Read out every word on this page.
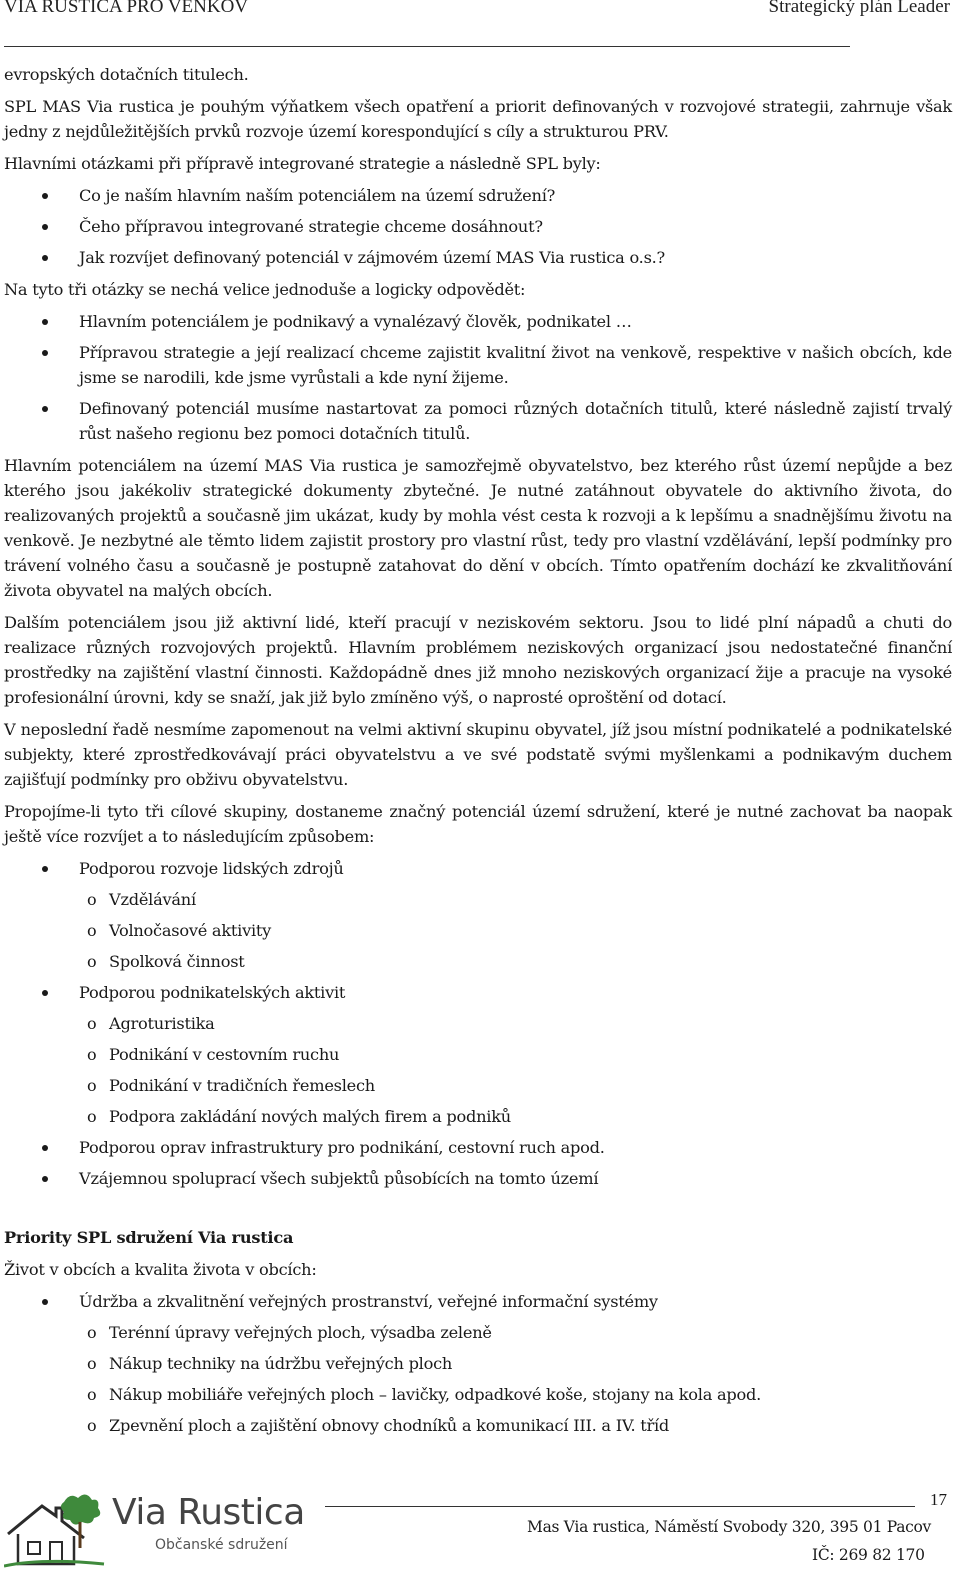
VIA RUSTICA PRO VENKOV	Strategický plán Leader

evropských dotačních titulech.

SPL MAS Via rustica je pouhým výňatkem všech opatření a priorit definovaných v rozvojové strategii, zahrnuje však jedny z nejdůležitějších prvků rozvoje území korespondující s cíly a strukturou PRV.

Hlavními otázkami při přípravě integrované strategie a následně SPL byly:

Co je naším hlavním naším potenciálem na území sdružení?
Čeho přípravou integrované strategie chceme dosáhnout?
Jak rozvíjet definovaný potenciál v zájmovém území MAS Via rustica o.s.?

Na tyto tři otázky se nechá velice jednoduše a logicky odpovědět:

Hlavním potenciálem je podnikavý a vynalézavý člověk, podnikatel …
Přípravou strategie a její realizací chceme zajistit kvalitní život na venkově, respektive v našich obcích, kde jsme se narodili, kde jsme vyrůstali a kde nyní žijeme.
Definovaný potenciál musíme nastartovat za pomoci různých dotačních titulů, které následně zajistí trvalý růst našeho regionu bez pomoci dotačních titulů.

Hlavním potenciálem na území MAS Via rustica je samozřejmě obyvatelstvo, bez kterého růst území nepůjde a bez kterého jsou jakékoliv strategické dokumenty zbytečné. Je nutné zatáhnout obyvatele do aktivního života, do realizovaných projektů a současně jim ukázat, kudy by mohla vést cesta k rozvoji a k lepšímu a snadnějšímu životu na venkově. Je nezbytné ale těmto lidem zajistit prostory pro vlastní růst, tedy pro vlastní vzdělávání, lepší podmínky pro trávení volného času a současně je postupně zatahovat do dění v obcích. Tímto opatřením dochází ke zkvalitňování života obyvatel na malých obcích.

Dalším potenciálem jsou již aktivní lidé, kteří pracují v neziskovém sektoru. Jsou to lidé plní nápadů a chuti do realizace různých rozvojových projektů. Hlavním problémem neziskových organizací jsou nedostatečné finanční prostředky na zajištění vlastní činnosti. Každopádně dnes již mnoho neziskových organizací žije a pracuje na vysoké profesionální úrovni, kdy se snaží, jak již bylo zmíněno výš, o naprosté oproštění od dotací.

V neposlední řadě nesmíme zapomenout na velmi aktivní skupinu obyvatel, jíž jsou místní podnikatelé a podnikatelské subjekty, které zprostředkovávají práci obyvatelstvu a ve své podstatě svými myšlenkami a podnikavým duchem zajišťují podmínky pro obživu obyvatelstvu.

Propojíme-li tyto tři cílové skupiny, dostaneme značný potenciál území sdružení, které je nutné zachovat ba naopak ještě více rozvíjet a to následujícím způsobem:

Podporou rozvoje lidských zdrojů
o Vzdělávání
o Volnočasové aktivity
o Spolková činnost
Podporou podnikatelských aktivit
o Agroturistika
o Podnikání v cestovním ruchu
o Podnikání v tradičních řemeslech
o Podpora zakládání nových malých firem a podniků
Podporou oprav infrastruktury pro podnikání, cestovní ruch apod.
Vzájemnou spoluprací všech subjektů působících na tomto území
Priority SPL sdružení Via rustica

Život v obcích a kvalita života v obcích:

Údržba a zkvalitnění veřejných prostranství, veřejné informační systémy
o Terénní úpravy veřejných ploch, výsadba zeleně
o Nákup techniky na údržbu veřejných ploch
o Nákup mobiliáře veřejných ploch – lavičky, odpadkové koše, stojany na kola apod.
o Zpevnění ploch a zajištění obnovy chodníků a komunikací III. a IV. tříd
Via Rustica
Občanské sdružení
17
Mas Via rustica, Náměstí Svobody 320, 395 01 Pacov
IČ: 269 82 170
